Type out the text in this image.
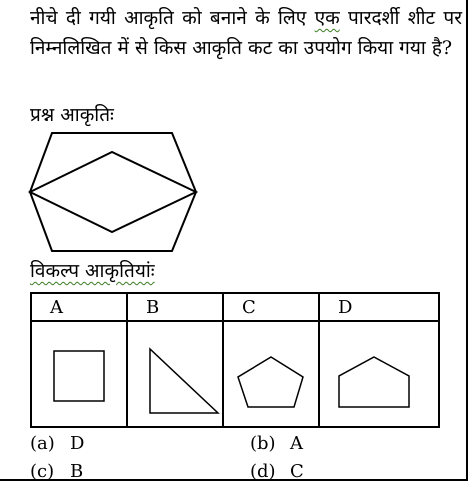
नीचे दी गयी आकृति को बनाने के लिए एक पारदर्शी शीट पर निम्नलिखित में से किस आकृति कट का उपयोग किया गया है?
प्रश्न आकृतिः
विकल्प आकृतियांः
A	B	C	D

(a) D	(b) A
(c) B	(d) C
